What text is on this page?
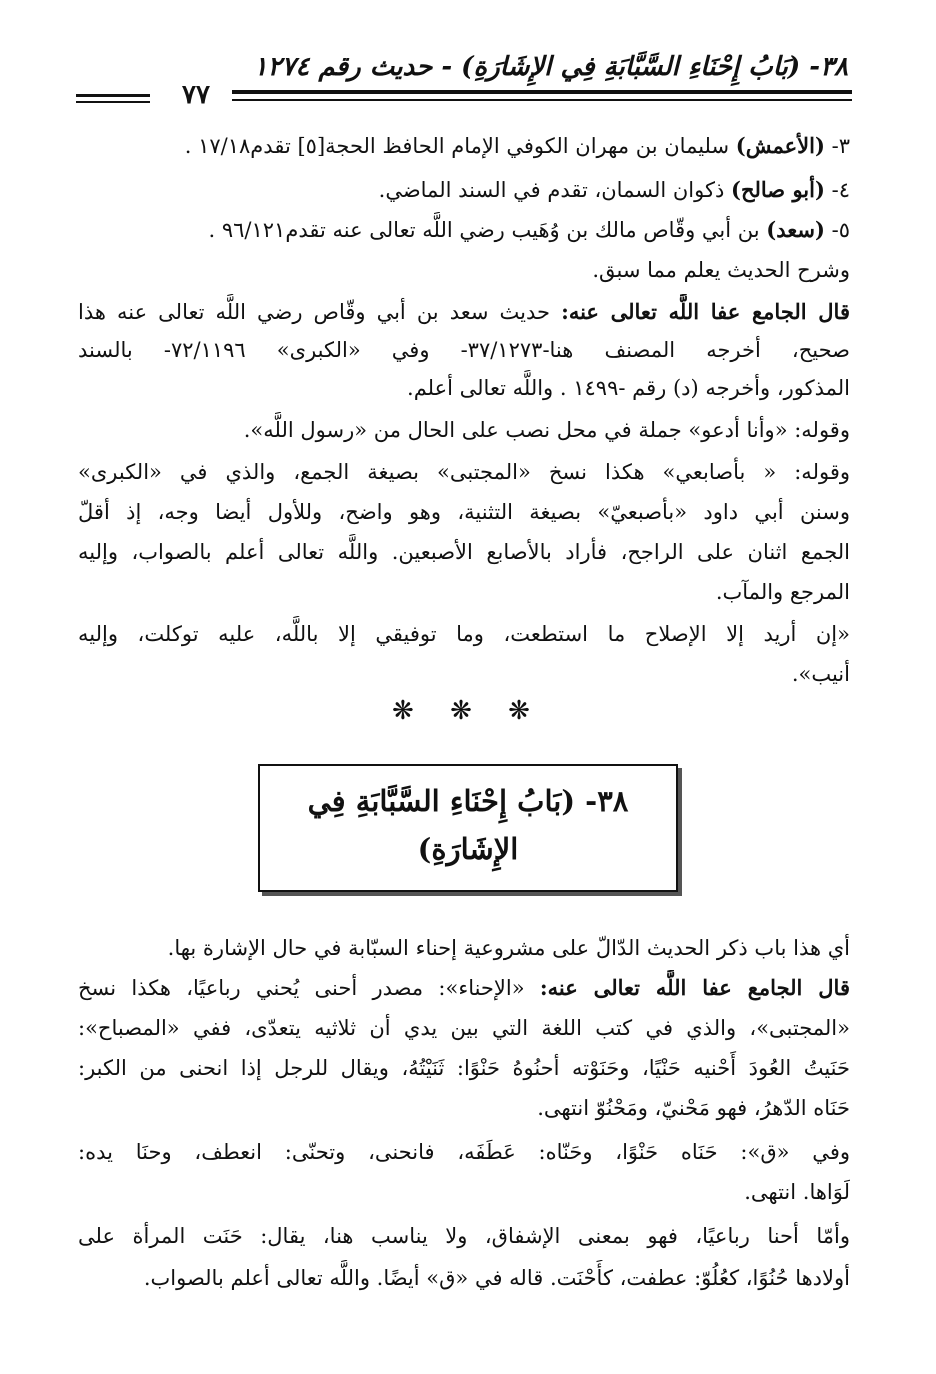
٣٨- (بَابُ إِحْنَاءِ السَّبَّابَةِ فِي الإِشَارَةِ) - حديث رقم ١٢٧٤
٧٧
٣- (الأعمش) سليمان بن مهران الكوفي الإمام الحافظ الحجة[٥] تقدم١٧/١٨ .
٤- (أبو صالح) ذكوان السمان، تقدم في السند الماضي.
٥- (سعد) بن أبي وقّاص مالك بن وُهَيب رضي اللَّه تعالى عنه تقدم٩٦/١٢١ .
وشرح الحديث يعلم مما سبق.
قال الجامع عفا اللَّه تعالى عنه: حديث سعد بن أبي وقّاص رضي اللَّه تعالى عنه هذا
صحيح، أخرجه المصنف هنا-٣٧/١٢٧٣- وفي «الكبرى» ٧٢/١١٩٦- بالسند
المذكور، وأخرجه (د) رقم -١٤٩٩ . واللَّه تعالى أعلم.
وقوله: «وأنا أدعو» جملة في محل نصب على الحال من «رسول اللَّه».
وقوله: « بأصابعي» هكذا نسخ «المجتبى» بصيغة الجمع، والذي في «الكبرى»
وسنن أبي داود «بأصبعيّ» بصيغة التثنية، وهو واضح، وللأول أيضا وجه، إذ أقلّ
الجمع اثنان على الراجح، فأراد بالأصابع الأصبعين. واللَّه تعالى أعلم بالصواب، وإليه
المرجع والمآب.
«إن أريد إلا الإصلاح ما استطعت، وما توفيقي إلا باللَّه، عليه توكلت، وإليه
أنيب».
❋ ❋ ❋
٣٨- (بَابُ إِحْنَاءِ السَّبَّابَةِ فِي
الإِشَارَةِ)
أي هذا باب ذكر الحديث الدّالّ على مشروعية إحناء السبّابة في حال الإشارة بها.
قال الجامع عفا اللَّه تعالى عنه: «الإحناء»: مصدر أحنى يُحني رباعيًا، هكذا نسخ
«المجتبى»، والذي في كتب اللغة التي بين يدي أن ثلاثيه يتعدّى، ففي «المصباح»:
حَنَيتُ العُودَ أَحْنيه حَنْيًا، وحَنَوْته أحنُوهُ حَنْوًا: ثَنَيْتُهُ، ويقال للرجل إذا انحنى من الكبر:
حَنَاه الدّهرُ، فهو مَحْنيّ، ومَحْنُوّ انتهى.
وفي «ق»: حَنَاه حَنْوًا، وحَنّاه: عَطَفَه، فانحنى، وتحنّى: انعطف، وحنَا يده:
لَوَاها. انتهى.
وأمّا أحنا رباعيًا، فهو بمعنى الإشفاق، ولا يناسب هنا، يقال: حَنَت المرأة على
أولادها حُنُوًا، كعُلُوّ: عطفت، كأَحْنَت. قاله في «ق» أيضًا. واللَّه تعالى أعلم بالصواب.
